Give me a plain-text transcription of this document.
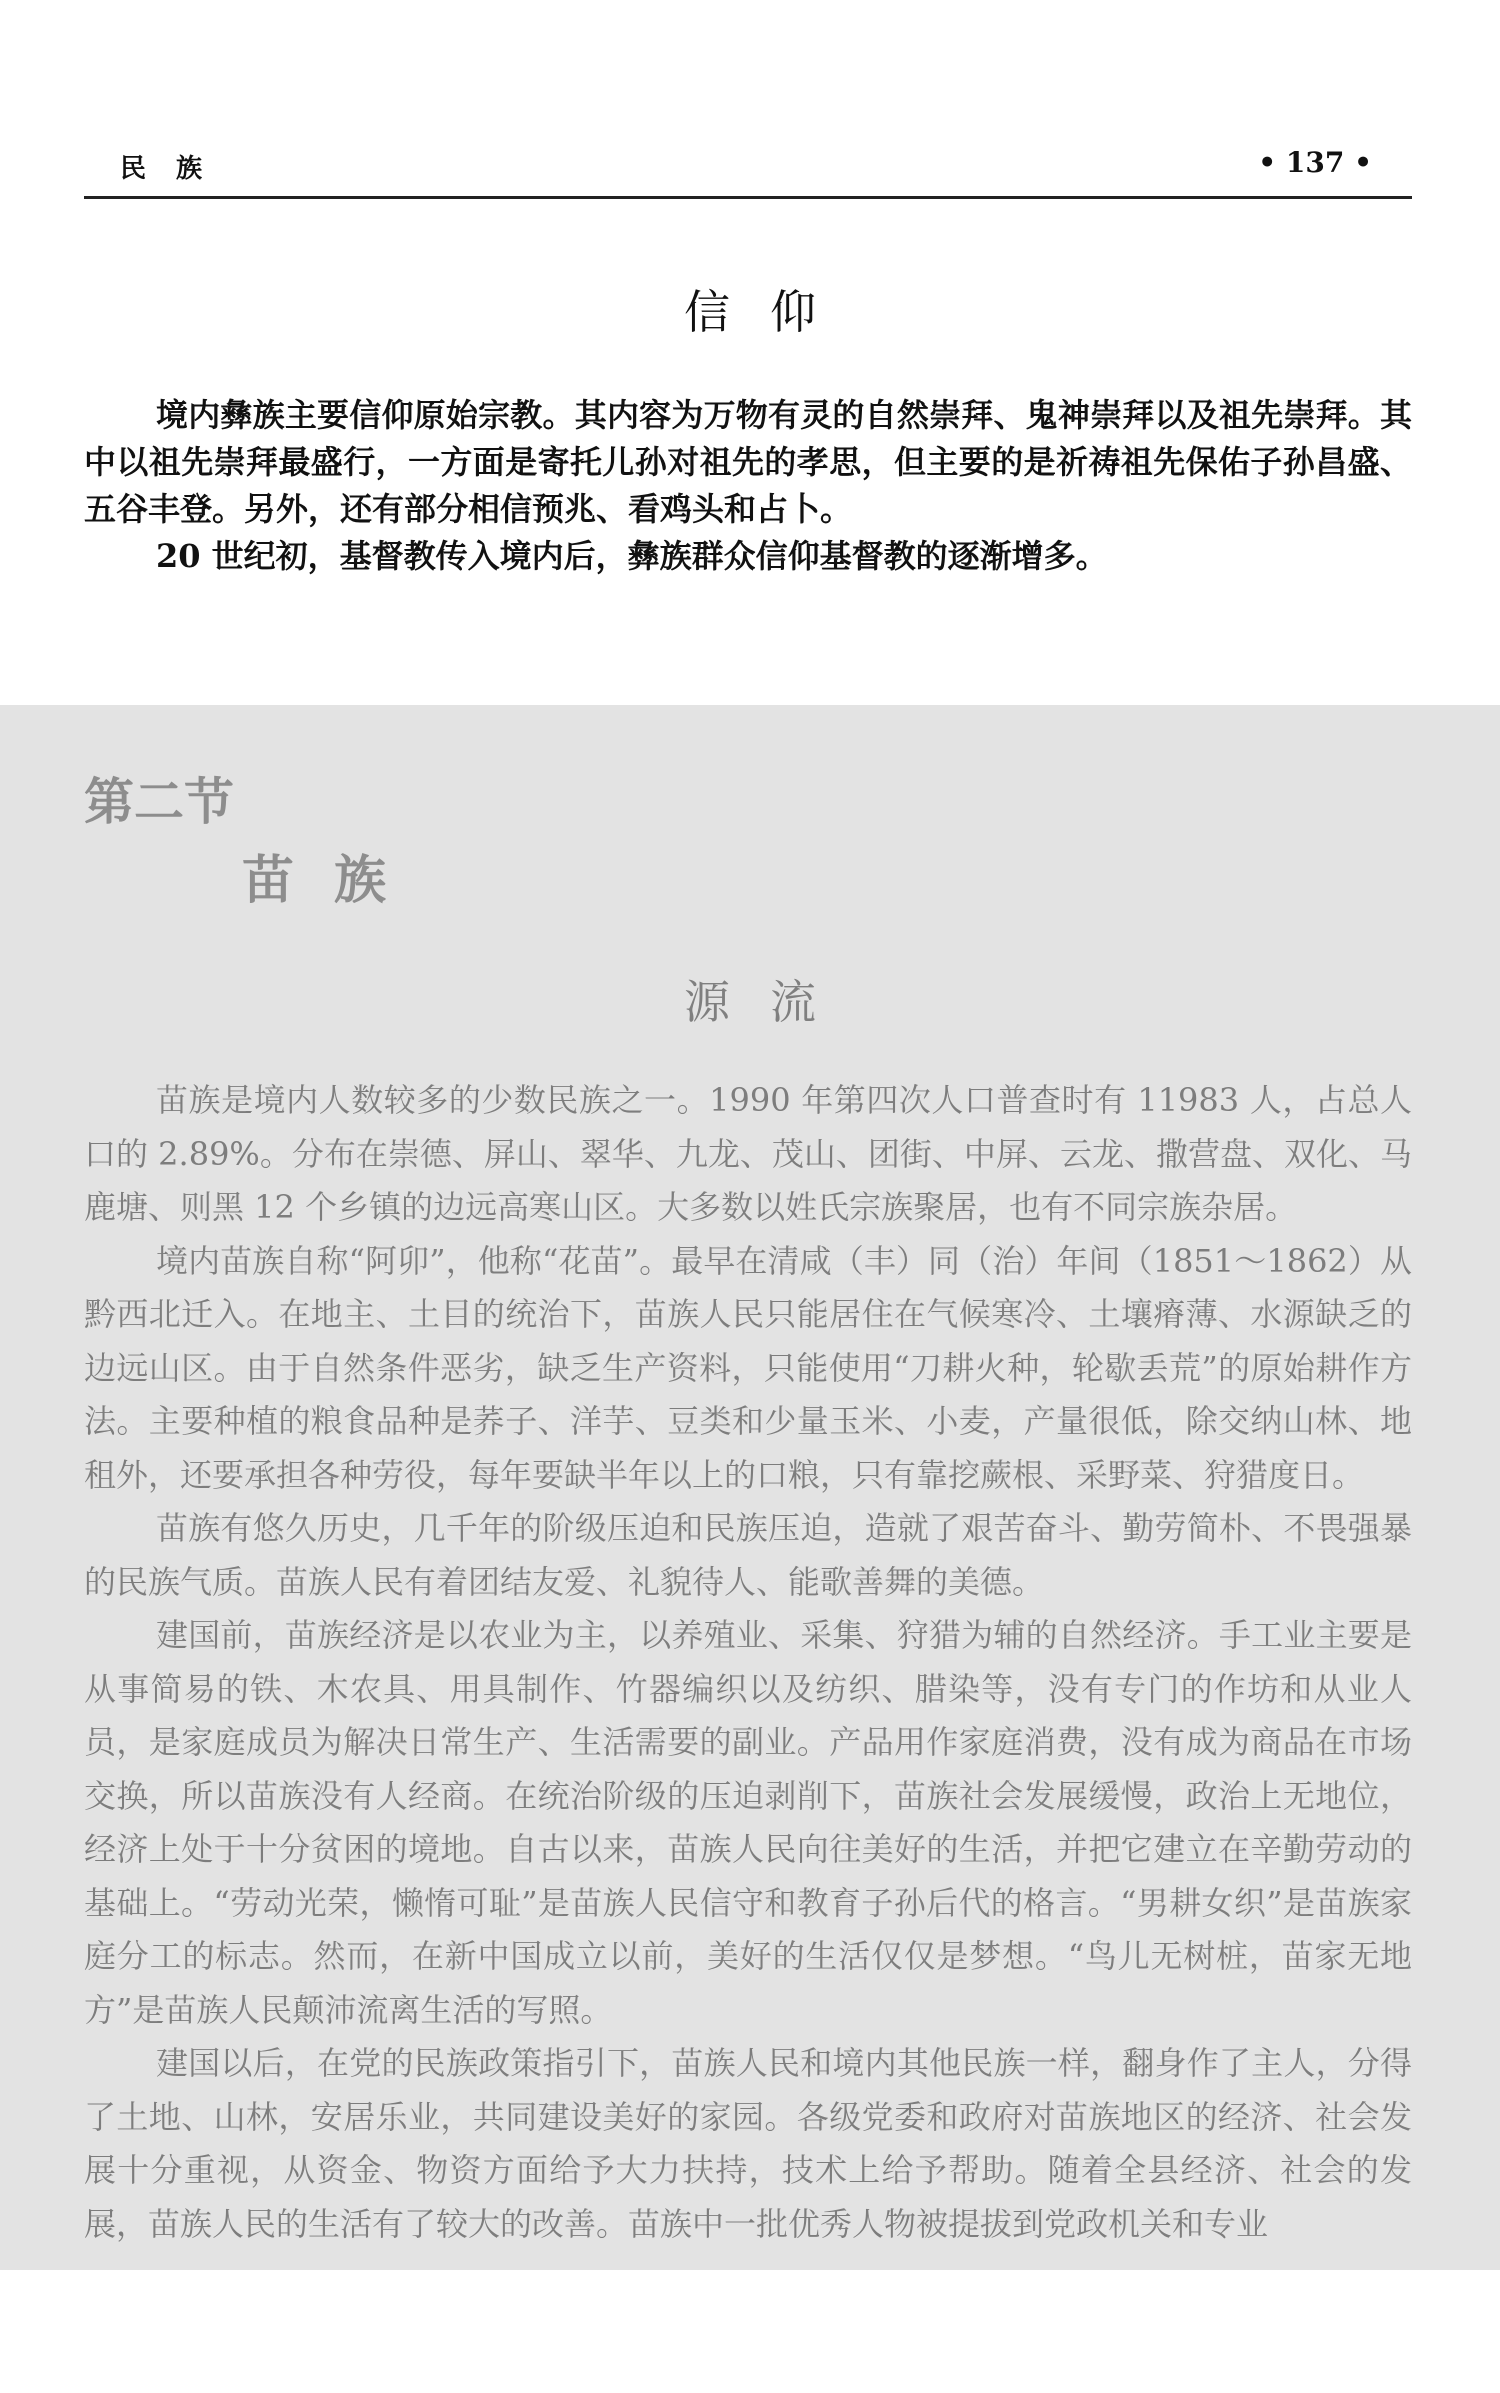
民族	• 137 •
信仰

境内彝族主要信仰原始宗教。其内容为万物有灵的自然崇拜、鬼神崇拜以及祖先崇拜。其中以祖先崇拜最盛行，一方面是寄托儿孙对祖先的孝思，但主要的是祈祷祖先保佑子孙昌盛、五谷丰登。另外，还有部分相信预兆、看鸡头和占卜。

20 世纪初，基督教传入境内后，彝族群众信仰基督教的逐渐增多。

第二节
苗族
源流

苗族是境内人数较多的少数民族之一。1990 年第四次人口普查时有 11983 人，占总人口的 2.89%。分布在崇德、屏山、翠华、九龙、茂山、团街、中屏、云龙、撒营盘、双化、马鹿塘、则黑 12 个乡镇的边远高寒山区。大多数以姓氏宗族聚居，也有不同宗族杂居。

境内苗族自称“阿卯”，他称“花苗”。最早在清咸（丰）同（治）年间（1851～1862）从黔西北迁入。在地主、土目的统治下，苗族人民只能居住在气候寒冷、土壤瘠薄、水源缺乏的边远山区。由于自然条件恶劣，缺乏生产资料，只能使用“刀耕火种，轮歇丢荒”的原始耕作方法。主要种植的粮食品种是荞子、洋芋、豆类和少量玉米、小麦，产量很低，除交纳山林、地租外，还要承担各种劳役，每年要缺半年以上的口粮，只有靠挖蕨根、采野菜、狩猎度日。

苗族有悠久历史，几千年的阶级压迫和民族压迫，造就了艰苦奋斗、勤劳简朴、不畏强暴的民族气质。苗族人民有着团结友爱、礼貌待人、能歌善舞的美德。

建国前，苗族经济是以农业为主，以养殖业、采集、狩猎为辅的自然经济。手工业主要是从事简易的铁、木农具、用具制作、竹器编织以及纺织、腊染等，没有专门的作坊和从业人员，是家庭成员为解决日常生产、生活需要的副业。产品用作家庭消费，没有成为商品在市场交换，所以苗族没有人经商。在统治阶级的压迫剥削下，苗族社会发展缓慢，政治上无地位，经济上处于十分贫困的境地。自古以来，苗族人民向往美好的生活，并把它建立在辛勤劳动的基础上。“劳动光荣，懒惰可耻”是苗族人民信守和教育子孙后代的格言。“男耕女织”是苗族家庭分工的标志。然而，在新中国成立以前，美好的生活仅仅是梦想。“鸟儿无树桩，苗家无地方”是苗族人民颠沛流离生活的写照。

建国以后，在党的民族政策指引下，苗族人民和境内其他民族一样，翻身作了主人，分得了土地、山林，安居乐业，共同建设美好的家园。各级党委和政府对苗族地区的经济、社会发展十分重视，从资金、物资方面给予大力扶持，技术上给予帮助。随着全县经济、社会的发展，苗族人民的生活有了较大的改善。苗族中一批优秀人物被提拔到党政机关和专业
